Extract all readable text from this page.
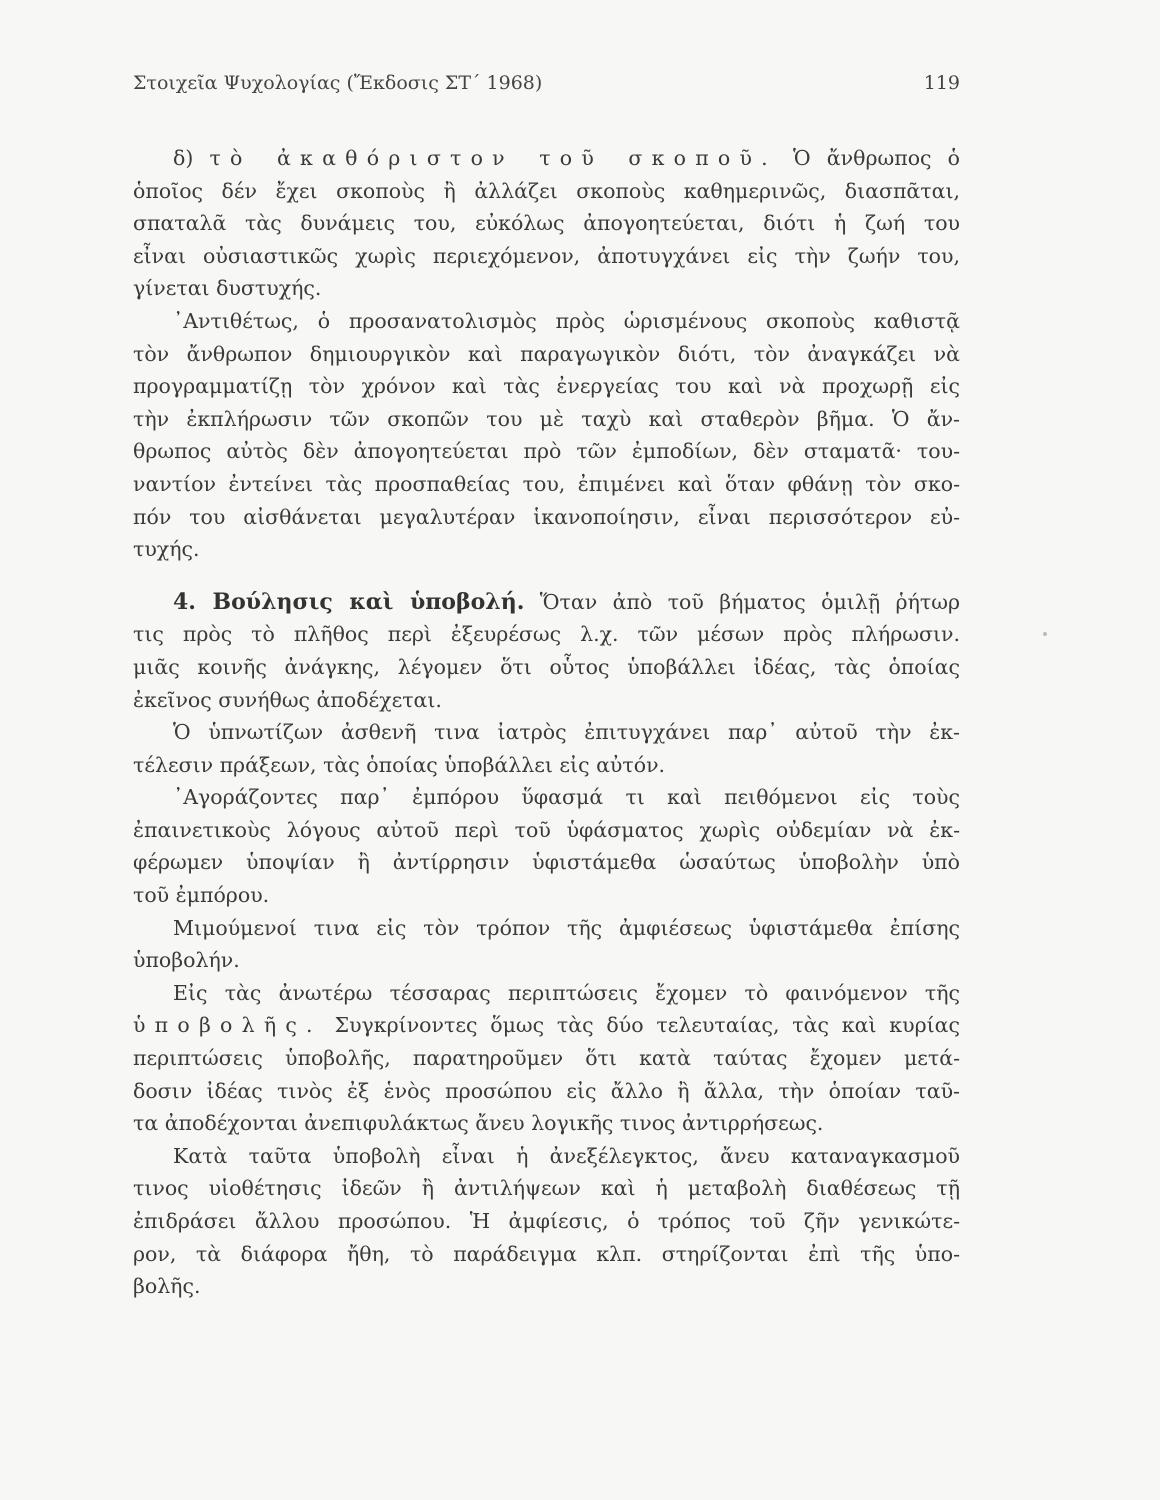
Στοιχεῖα Ψυχολογίας (Ἔκδοσις ΣΤ΄ 1968)	119
δ) τὸ ἀκαθόριστον τοῦ σκοποῦ. Ὁ ἄνθρωπος ὁ
ὁποῖος δέν ἔχει σκοποὺς ἢ ἀλλάζει σκοποὺς καθημερινῶς, διασπᾶται,
σπαταλᾶ τὰς δυνάμεις του, εὐκόλως ἀπογοητεύεται, διότι ἡ ζωή του
εἶναι οὐσιαστικῶς χωρὶς περιεχόμενον, ἀποτυγχάνει εἰς τὴν ζωήν του,
γίνεται δυστυχής.
᾿Αντιθέτως, ὁ προσανατολισμὸς πρὸς ὡρισμένους σκοποὺς καθιστᾷ
τὸν ἄνθρωπον δημιουργικὸν καὶ παραγωγικὸν διότι, τὸν ἀναγκάζει νὰ
προγραμματίζῃ τὸν χρόνον καὶ τὰς ἐνεργείας του καὶ νὰ προχωρῇ εἰς
τὴν ἐκπλήρωσιν τῶν σκοπῶν του μὲ ταχὺ καὶ σταθερὸν βῆμα. Ὁ ἄν-
θρωπος αὐτὸς δὲν ἀπογοητεύεται πρὸ τῶν ἐμποδίων, δὲν σταματᾶ· του-
ναντίον ἐντείνει τὰς προσπαθείας του, ἐπιμένει καὶ ὅταν φθάνῃ τὸν σκο-
πόν του αἰσθάνεται μεγαλυτέραν ἱκανοποίησιν, εἶναι περισσότερον εὐ-
τυχής.
4. Βούλησις καὶ ὑποβολή. Ὅταν ἀπὸ τοῦ βήματος ὁμιλῇ ῥήτωρ
τις πρὸς τὸ πλῆθος περὶ ἐξευρέσως λ.χ. τῶν μέσων πρὸς πλήρωσιν.
μιᾶς κοινῆς ἀνάγκης, λέγομεν ὅτι οὗτος ὑποβάλλει ἰδέας, τὰς ὁποίας
ἐκεῖνος συνήθως ἀποδέχεται.
Ὁ ὑπνωτίζων ἀσθενῆ τινα ἰατρὸς ἐπιτυγχάνει παρ᾿ αὐτοῦ τὴν ἐκ-
τέλεσιν πράξεων, τὰς ὁποίας ὑποβάλλει εἰς αὐτόν.
᾿Αγοράζοντες παρ᾿ ἐμπόρου ὕφασμά τι καὶ πειθόμενοι εἰς τοὺς
ἐπαινετικοὺς λόγους αὐτοῦ περὶ τοῦ ὑφάσματος χωρὶς οὐδεμίαν νὰ ἐκ-
φέρωμεν ὑποψίαν ἢ ἀντίρρησιν ὑφιστάμεθα ὡσαύτως ὑποβολὴν ὑπὸ
τοῦ ἐμπόρου.
Μιμούμενοί τινα εἰς τὸν τρόπον τῆς ἀμφιέσεως ὑφιστάμεθα ἐπίσης
ὑποβολήν.
Εἰς τὰς ἀνωτέρω τέσσαρας περιπτώσεις ἔχομεν τὸ φαινόμενον τῆς
ὑποβολῆς. Συγκρίνοντες ὅμως τὰς δύο τελευταίας, τὰς καὶ κυρίας
περιπτώσεις ὑποβολῆς, παρατηροῦμεν ὅτι κατὰ ταύτας ἔχομεν μετά-
δοσιν ἰδέας τινὸς ἐξ ἑνὸς προσώπου εἰς ἄλλο ἢ ἄλλα, τὴν ὁποίαν ταῦ-
τα ἀποδέχονται ἀνεπιφυλάκτως ἄνευ λογικῆς τινος ἀντιρρήσεως.
Κατὰ ταῦτα ὑποβολὴ εἶναι ἡ ἀνεξέλεγκτος, ἄνευ καταναγκασμοῦ
τινος υἱοθέτησις ἰδεῶν ἢ ἀντιλήψεων καὶ ἡ μεταβολὴ διαθέσεως τῇ
ἐπιδράσει ἄλλου προσώπου. Ἡ ἀμφίεσις, ὁ τρόπος τοῦ ζῆν γενικώτε-
ρον, τὰ διάφορα ἤθη, τὸ παράδειγμα κλπ. στηρίζονται ἐπὶ τῆς ὑπο-
βολῆς.
